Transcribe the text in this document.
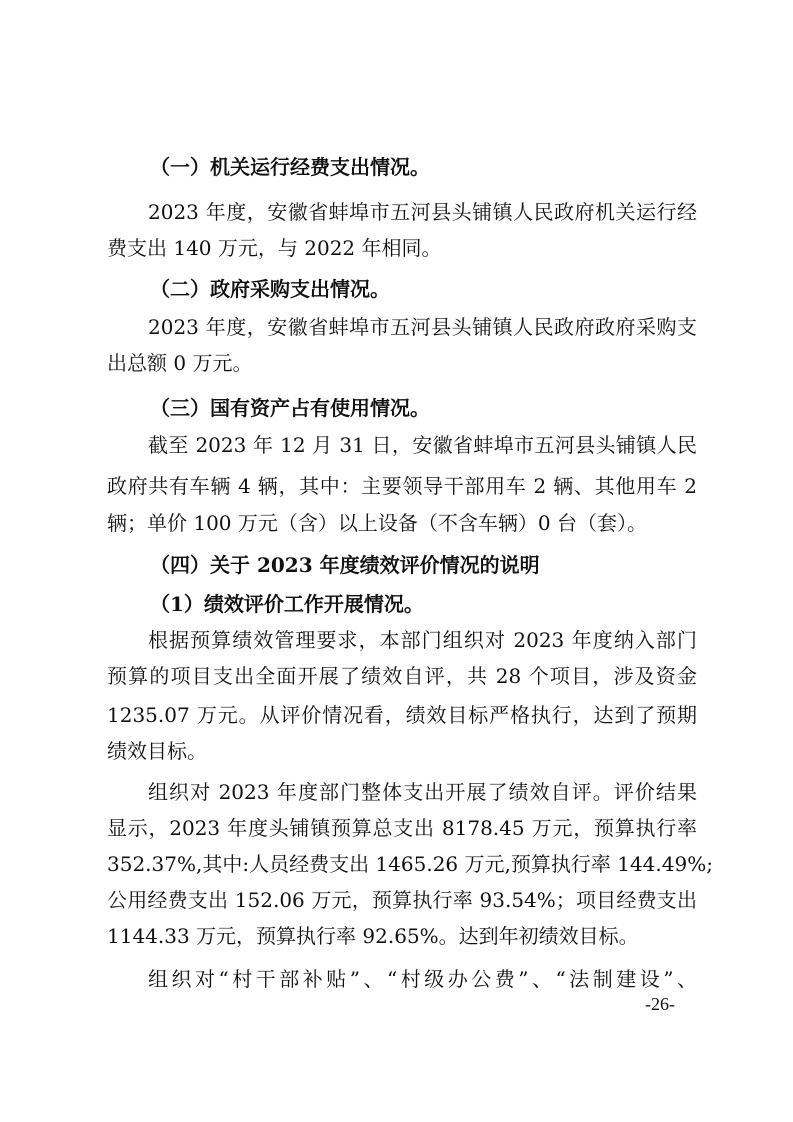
（一）机关运行经费支出情况。
2023 年度，安徽省蚌埠市五河县头铺镇人民政府机关运行经
费支出 140 万元，与 2022 年相同。
（二）政府采购支出情况。
2023 年度，安徽省蚌埠市五河县头铺镇人民政府政府采购支
出总额 0 万元。
（三）国有资产占有使用情况。
截至 2023 年 12 月 31 日，安徽省蚌埠市五河县头铺镇人民
政府共有车辆 4 辆，其中：主要领导干部用车 2 辆、其他用车 2
辆；单价 100 万元（含）以上设备（不含车辆）0 台（套）。
（四）关于 2023 年度绩效评价情况的说明
（1）绩效评价工作开展情况。
根据预算绩效管理要求，本部门组织对 2023 年度纳入部门
预算的项目支出全面开展了绩效自评，共 28 个项目，涉及资金
1235.07 万元。从评价情况看，绩效目标严格执行，达到了预期
绩效目标。
组织对 2023 年度部门整体支出开展了绩效自评。评价结果
显示，2023 年度头铺镇预算总支出 8178.45 万元，预算执行率
352.37%,其中:人员经费支出 1465.26 万元,预算执行率 144.49%;
公用经费支出 152.06 万元，预算执行率 93.54%；项目经费支出
1144.33 万元，预算执行率 92.65%。达到年初绩效目标。
组织对“村干部补贴”、“村级办公费”、“法制建设”、
-26-
